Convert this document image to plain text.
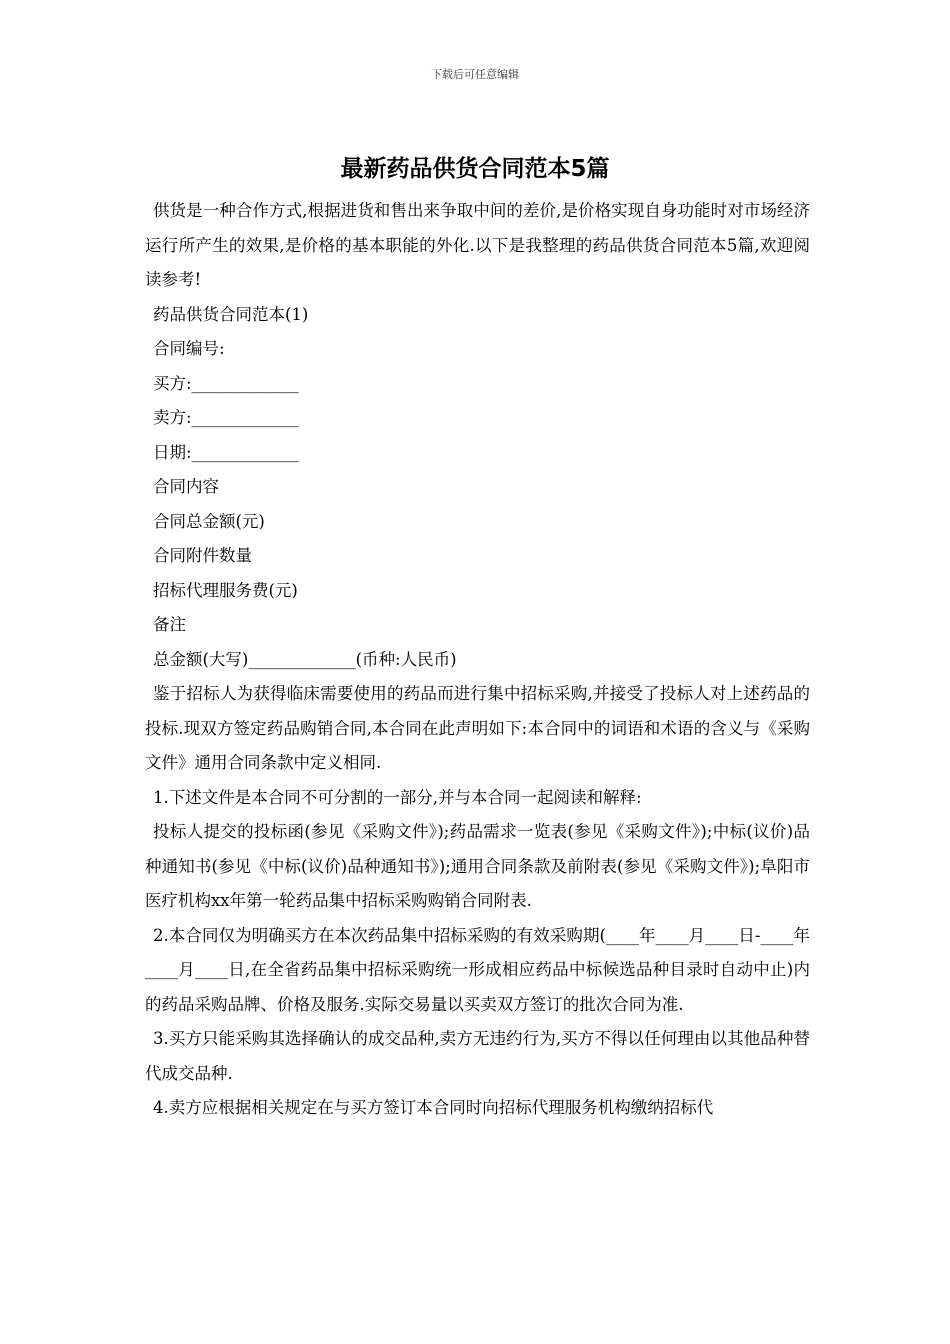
下载后可任意编辑
最新药品供货合同范本5篇

供货是一种合作方式,根据进货和售出来争取中间的差价,是价格实现自身功能时对市场经济运行所产生的效果,是价格的基本职能的外化.以下是我整理的药品供货合同范本5篇,欢迎阅读参考!

药品供货合同范本(1)

合同编号:

买方:_____________

卖方:_____________

日期:_____________

合同内容

合同总金额(元)

合同附件数量

招标代理服务费(元)

备注

总金额(大写)_____________(币种:人民币)

鉴于招标人为获得临床需要使用的药品而进行集中招标采购,并接受了投标人对上述药品的投标.现双方签定药品购销合同,本合同在此声明如下:本合同中的词语和术语的含义与《采购文件》通用合同条款中定义相同.

1.下述文件是本合同不可分割的一部分,并与本合同一起阅读和解释:

投标人提交的投标函(参见《采购文件》);药品需求一览表(参见《采购文件》);中标(议价)品种通知书(参见《中标(议价)品种通知书》);通用合同条款及前附表(参见《采购文件》);阜阳市医疗机构xx年第一轮药品集中招标采购购销合同附表.

2.本合同仅为明确买方在本次药品集中招标采购的有效采购期(____年____月____日-____年____月____日,在全省药品集中招标采购统一形成相应药品中标候选品种目录时自动中止)内的药品采购品牌、价格及服务.实际交易量以买卖双方签订的批次合同为准.

3.买方只能采购其选择确认的成交品种,卖方无违约行为,买方不得以任何理由以其他品种替代成交品种.

4.卖方应根据相关规定在与买方签订本合同时向招标代理服务机构缴纳招标代
